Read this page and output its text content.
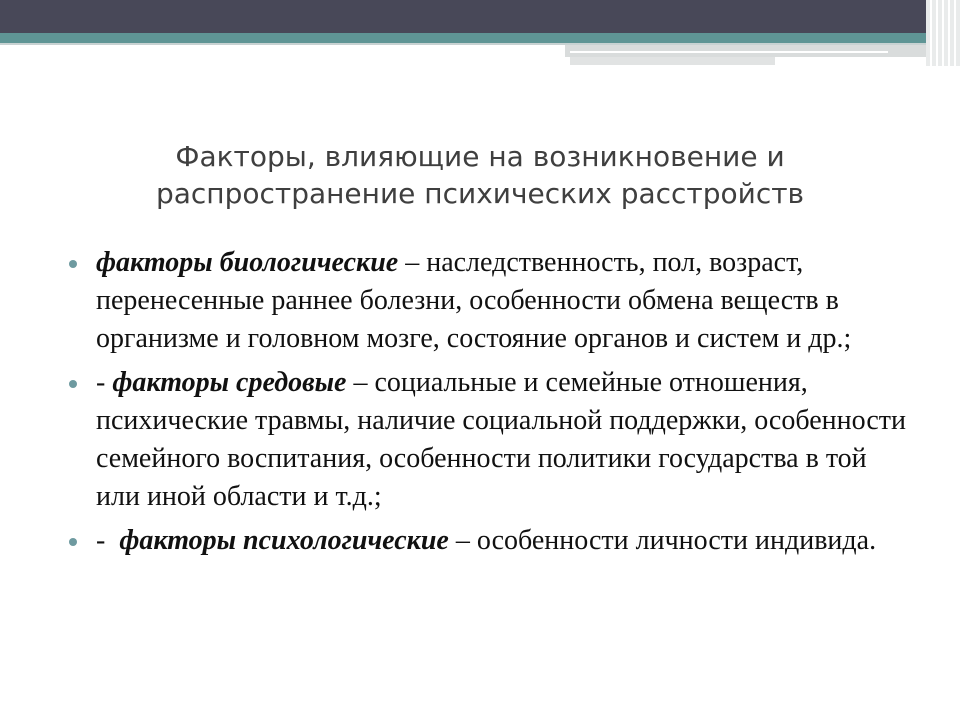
Факторы, влияющие на возникновение и
распространение психических расстройств
факторы биологические – наследственность, пол, возраст, перенесенные раннее болезни, особенности обмена веществ в организме и головном мозге, состояние органов и систем и др.;
- факторы средовые – социальные и семейные отношения, психические травмы, наличие социальной поддержки, особенности семейного воспитания, особенности политики государства в той или иной области и т.д.;
-  факторы психологические – особенности личности индивида.
